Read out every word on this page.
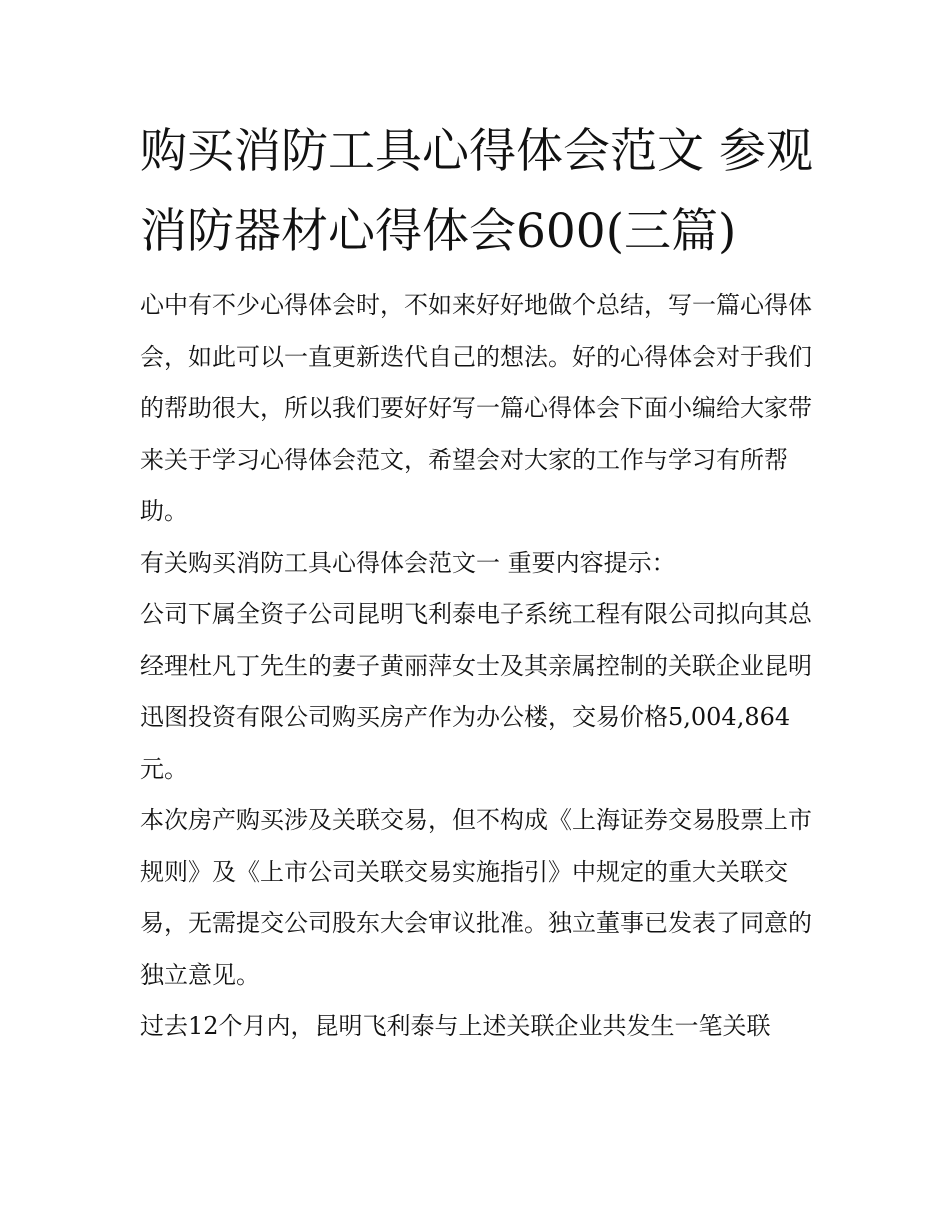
购买消防工具心得体会范文 参观消防器材心得体会600(三篇)

心中有不少心得体会时，不如来好好地做个总结，写一篇心得体会，如此可以一直更新迭代自己的想法。好的心得体会对于我们的帮助很大，所以我们要好好写一篇心得体会下面小编给大家带来关于学习心得体会范文，希望会对大家的工作与学习有所帮助。

有关购买消防工具心得体会范文一 重要内容提示：

公司下属全资子公司昆明飞利泰电子系统工程有限公司拟向其总经理杜凡丁先生的妻子黄丽萍女士及其亲属控制的关联企业昆明迅图投资有限公司购买房产作为办公楼，交易价格5,004,864元。

本次房产购买涉及关联交易，但不构成《上海证券交易股票上市规则》及《上市公司关联交易实施指引》中规定的重大关联交易，无需提交公司股东大会审议批准。独立董事已发表了同意的独立意见。

过去12个月内，昆明飞利泰与上述关联企业共发生一笔关联
